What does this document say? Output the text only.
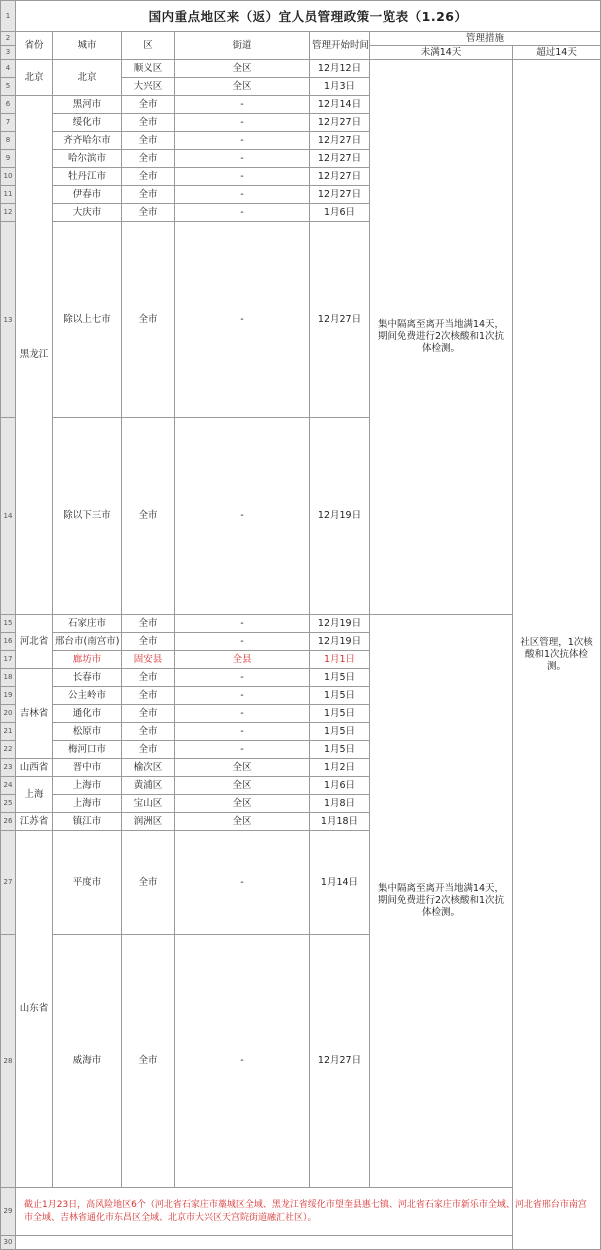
1	国内重点地区来（返）宜人员管理政策一览表（1.26）							
2	省份	城市	区	街道	管理开始时间	管理措施		
3						未满14天	超过14天	
4	北京	北京	顺义区	全区	12月12日	集中隔离至离开当地满14天，期间免费进行2次核酸和1次抗体检测。	社区管理，1次核酸和1次抗体检测。	
5			大兴区	全区	1月3日			
6	黑龙江	黑河市	全市	-	12月14日			
7		绥化市	全市	-	12月27日			
8		齐齐哈尔市	全市	-	12月27日			
9		哈尔滨市	全市	-	12月27日			
10		牡丹江市	全市	-	12月27日			
11		伊春市	全市	-	12月27日			
12		大庆市	全市	-	1月6日			
13		除以上七市	全市	-	12月27日	
14		除以下三市	全市	-	12月19日			
15	河北省	石家庄市	全市	-	12月19日	集中隔离至离开当地满14天，期间免费进行2次核酸和1次抗体检测。		
16		邢台市(南宫市)	全市	-	12月19日			
17		廊坊市	固安县	全县	1月1日			
18	吉林省	长春市	全市	-	1月5日			
19		公主岭市	全市	-	1月5日			
20		通化市	全市	-	1月5日			
21		松原市	全市	-	1月5日			
22		梅河口市	全市	-	1月5日			
23	山西省	晋中市	榆次区	全区	1月2日			
24	上海	上海市	黄浦区	全区	1月6日			
25		上海市	宝山区	全区	1月8日			
26	江苏省	镇江市	润洲区	全区	1月18日			
27	山东省	平度市	全市	-	1月14日	
28		威海市	全市	-	12月27日			
29	截止1月23日，高风险地区6个（河北省石家庄市藁城区全域、黑龙江省绥化市望奎县惠七镇、河北省石家庄市新乐市全域、河北省邢台市南宫市全域、吉林省通化市东昌区全域、北京市大兴区天宫院街道融汇社区）。							
30								
